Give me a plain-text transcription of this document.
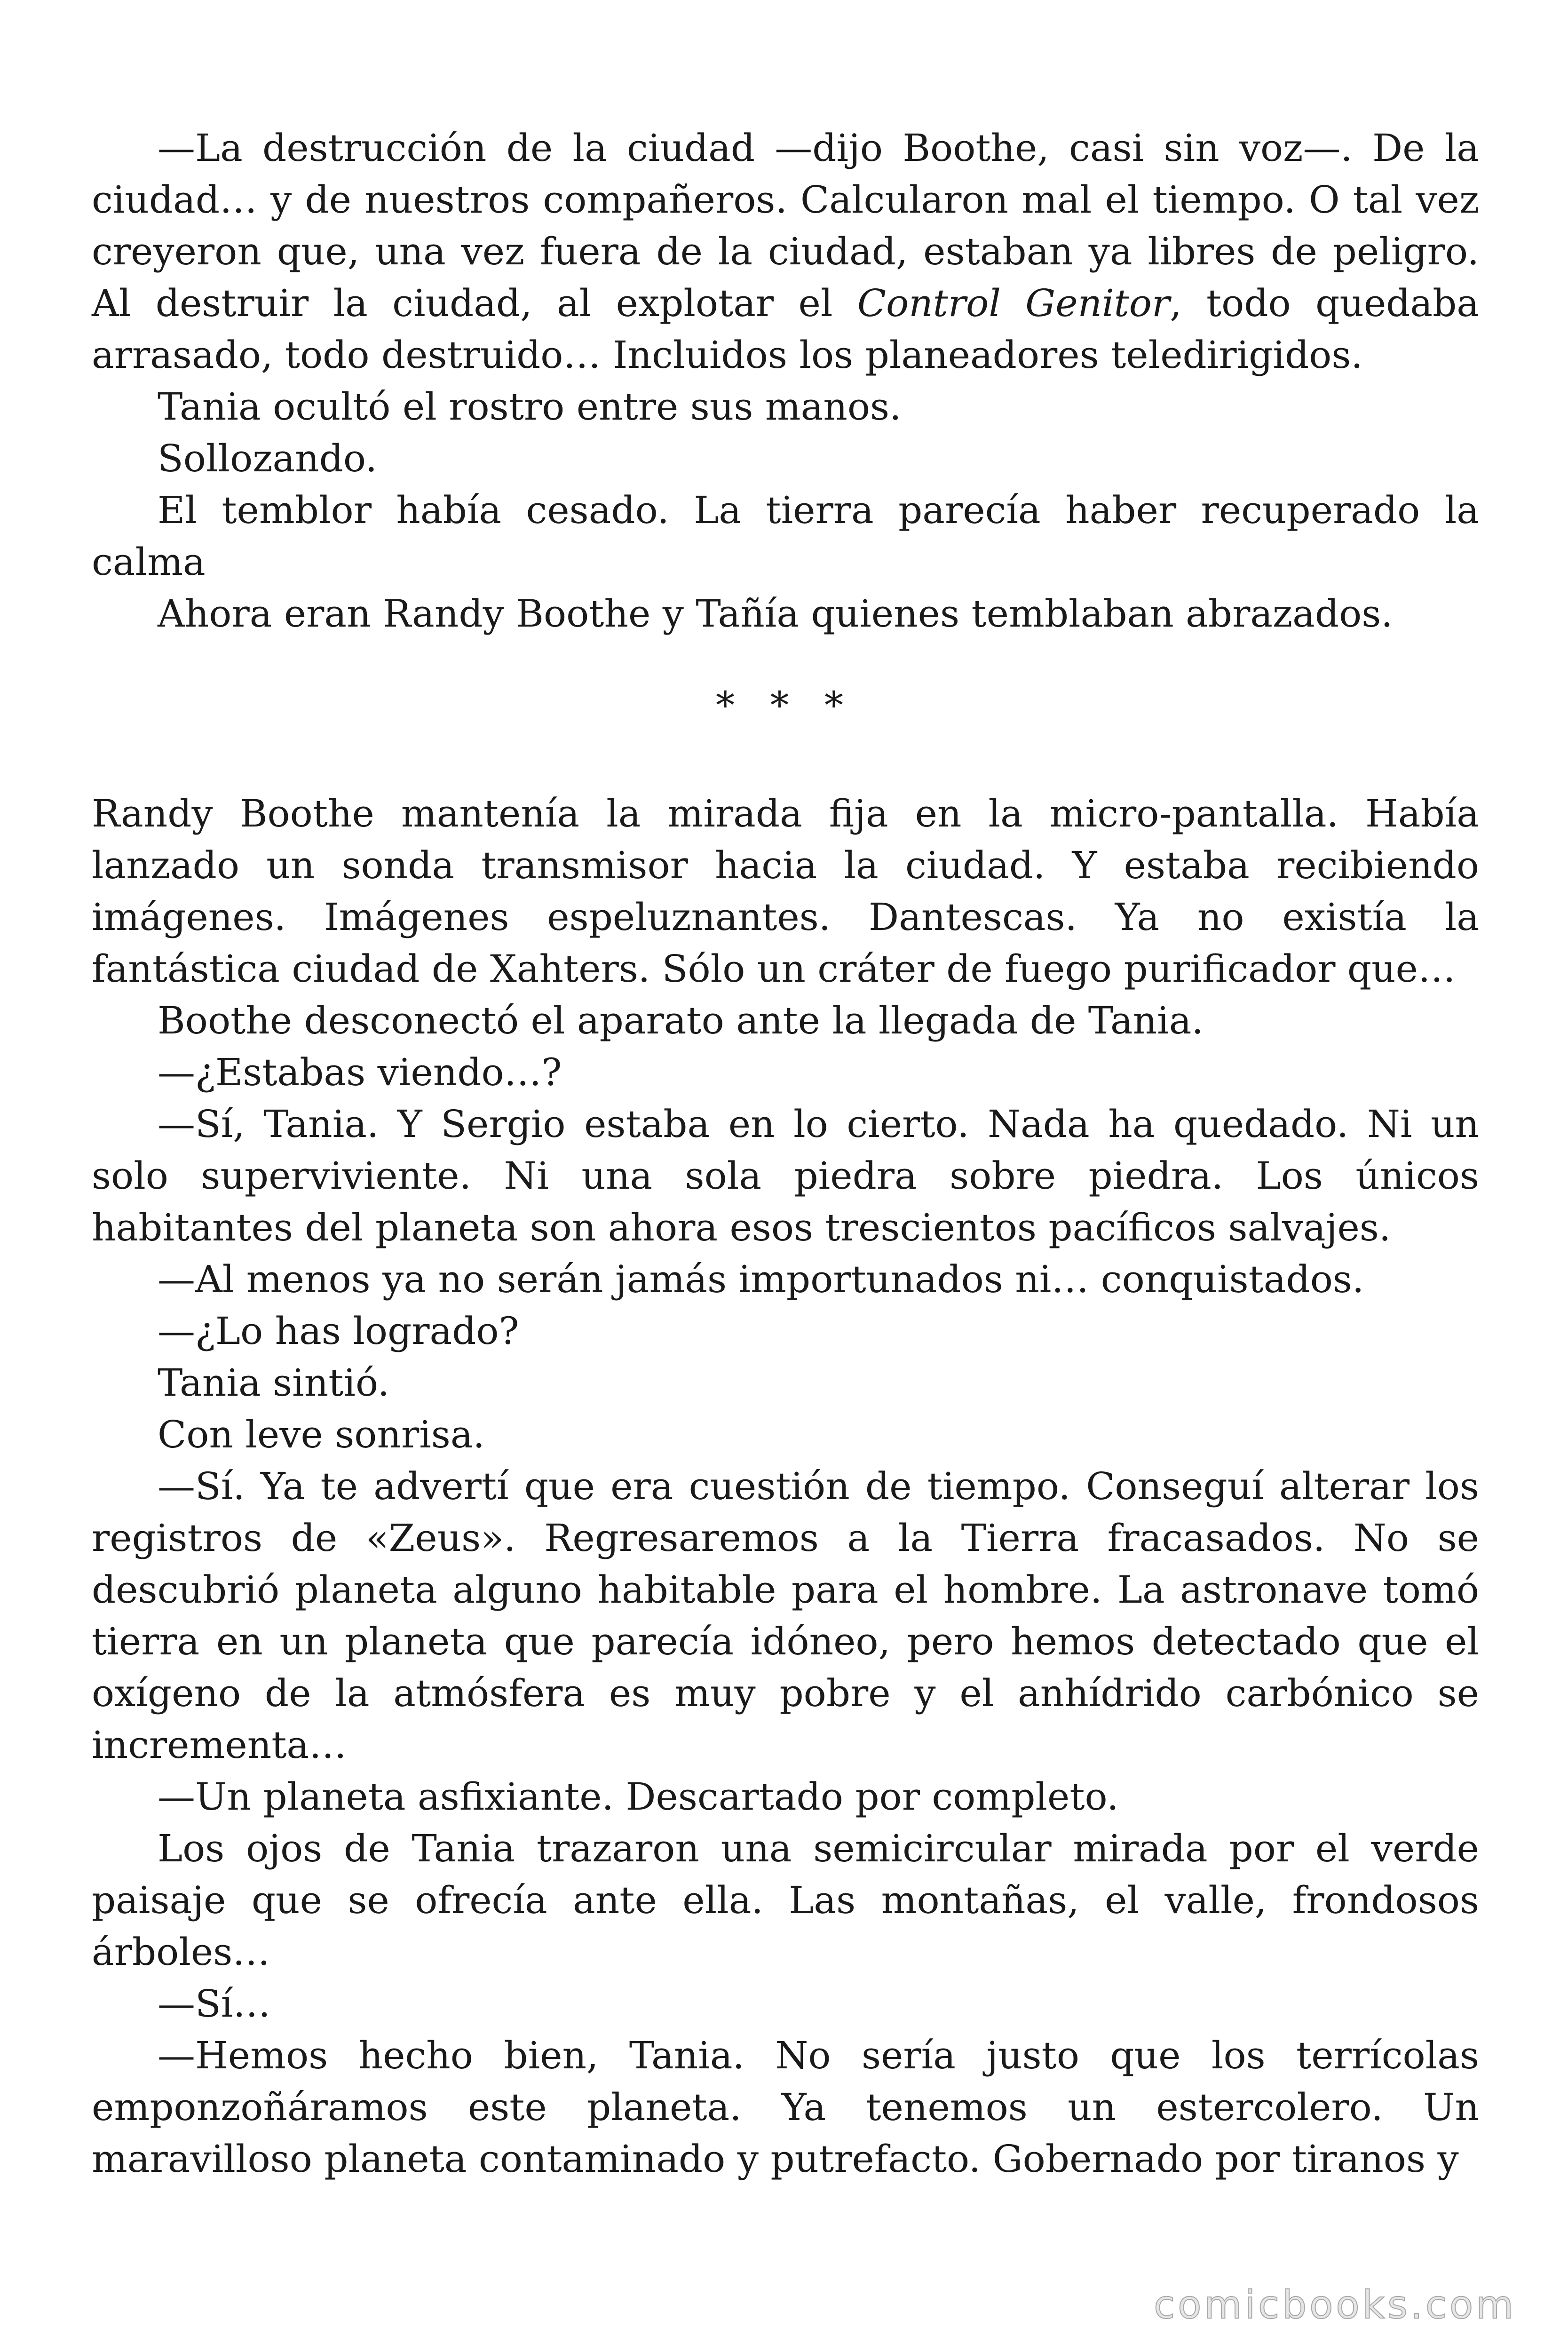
—La destrucción de la ciudad —dijo Boothe, casi sin voz—. De la ciudad… y de nuestros compañeros. Calcularon mal el tiempo. O tal vez creyeron que, una vez fuera de la ciudad, estaban ya libres de peligro. Al destruir la ciudad, al explotar el Control Genitor, todo quedaba arrasado, todo destruido… Incluidos los planeadores teledirigidos.

Tania ocultó el rostro entre sus manos.

Sollozando.

El temblor había cesado. La tierra parecía haber recuperado la calma

Ahora eran Randy Boothe y Tañía quienes temblaban abrazados.

* * *

Randy Boothe mantenía la mirada fija en la micro-pantalla. Había lanzado un sonda transmisor hacia la ciudad. Y estaba recibiendo imágenes. Imágenes espeluznantes. Dantescas. Ya no existía la fantástica ciudad de Xahters. Sólo un cráter de fuego purificador que…

Boothe desconectó el aparato ante la llegada de Tania.

—¿Estabas viendo…?

—Sí, Tania. Y Sergio estaba en lo cierto. Nada ha quedado. Ni un solo superviviente. Ni una sola piedra sobre piedra. Los únicos habitantes del planeta son ahora esos trescientos pacíficos salvajes.

—Al menos ya no serán jamás importunados ni… conquistados.

—¿Lo has logrado?

Tania sintió.

Con leve sonrisa.

—Sí. Ya te advertí que era cuestión de tiempo. Conseguí alterar los registros de «Zeus». Regresaremos a la Tierra fracasados. No se descubrió planeta alguno habitable para el hombre. La astronave tomó tierra en un planeta que parecía idóneo, pero hemos detectado que el oxígeno de la atmósfera es muy pobre y el anhídrido carbónico se incrementa…

—Un planeta asfixiante. Descartado por completo.

Los ojos de Tania trazaron una semicircular mirada por el verde paisaje que se ofrecía ante ella. Las montañas, el valle, frondosos árboles…

—Sí…

—Hemos hecho bien, Tania. No sería justo que los terrícolas emponzoñáramos este planeta. Ya tenemos un estercolero. Un maravilloso planeta contaminado y putrefacto. Gobernado por tiranos y

comicbooks.com
